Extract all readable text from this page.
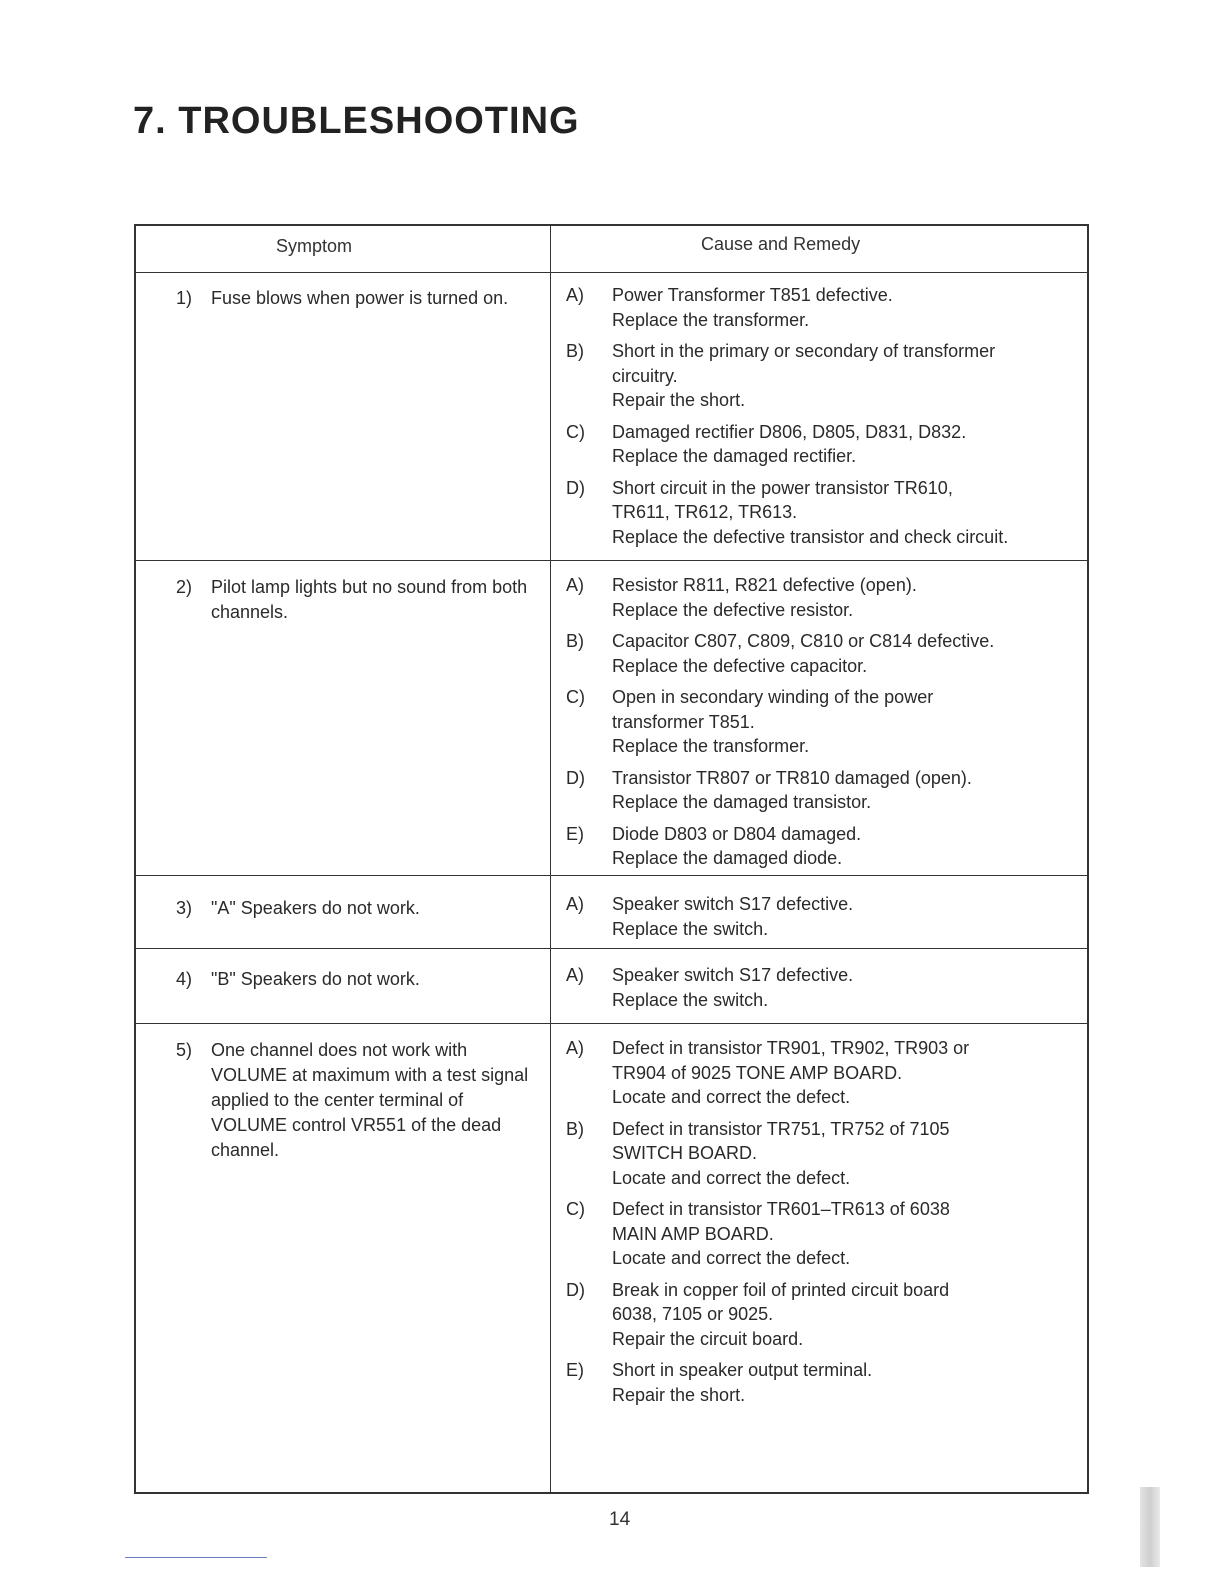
7. TROUBLESHOOTING
Symptom	Cause and Remedy
1)	Fuse blows when power is turned on.	A)	Power Transformer T851 defective.
Replace the transformer.
B)	Short in the primary or secondary of transformer
circuitry.
Repair the short.
C)	Damaged rectifier D806, D805, D831, D832.
Replace the damaged rectifier.
D)	Short circuit in the power transistor TR610,
TR611, TR612, TR613.
Replace the defective transistor and check circuit.
2)	Pilot lamp lights but no sound from both channels.
A)	Resistor R811, R821 defective (open).
Replace the defective resistor.
B)	Capacitor C807, C809, C810 or C814 defective.
Replace the defective capacitor.
C)	Open in secondary winding of the power
transformer T851.
Replace the transformer.
D)	Transistor TR807 or TR810 damaged (open).
Replace the damaged transistor.
E)	Diode D803 or D804 damaged.
Replace the damaged diode.
3)	"A" Speakers do not work.	A)	Speaker switch S17 defective.
Replace the switch.
4)	"B" Speakers do not work.	A)	Speaker switch S17 defective.
Replace the switch.
5)	One channel does not work with VOLUME at maximum with a test signal applied to the center terminal of VOLUME control VR551 of the dead channel.
A)	Defect in transistor TR901, TR902, TR903 or
TR904 of 9025 TONE AMP BOARD.
Locate and correct the defect.
B)	Defect in transistor TR751, TR752 of 7105
SWITCH BOARD.
Locate and correct the defect.
C)	Defect in transistor TR601–TR613 of 6038
MAIN AMP BOARD.
Locate and correct the defect.
D)	Break in copper foil of printed circuit board
6038, 7105 or 9025.
Repair the circuit board.
E)	Short in speaker output terminal.
Repair the short.
14
